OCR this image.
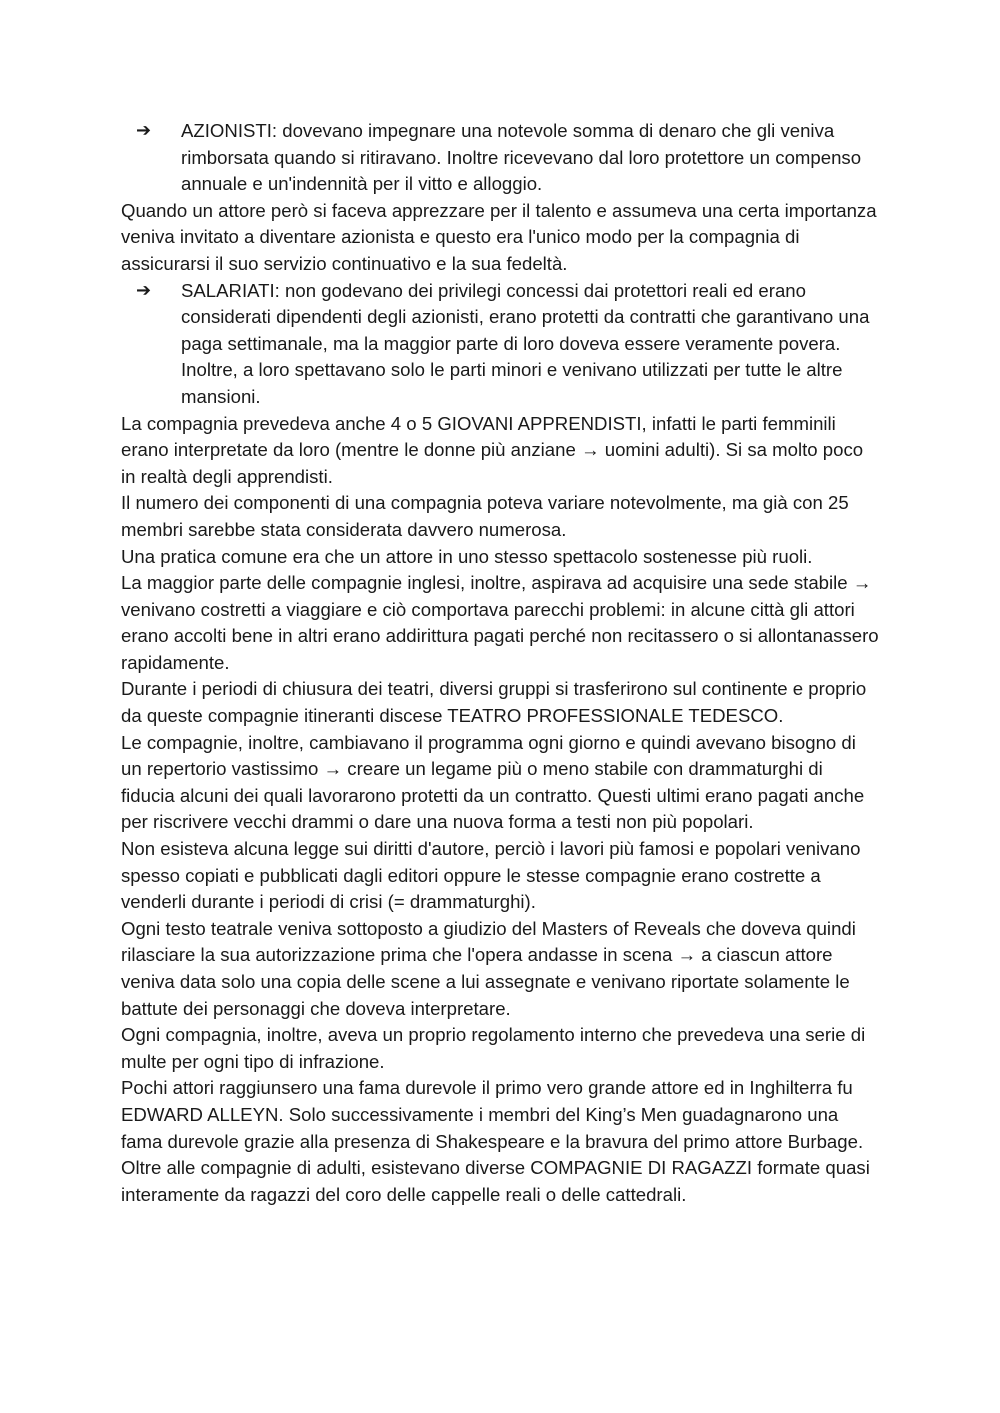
➔ AZIONISTI: dovevano impegnare una notevole somma di denaro che gli veniva rimborsata quando si ritiravano. Inoltre ricevevano dal loro protettore un compenso annuale e un'indennità per il vitto e alloggio.

Quando un attore però si faceva apprezzare per il talento e assumeva una certa importanza veniva invitato a diventare azionista e questo era l'unico modo per la compagnia di assicurarsi il suo servizio continuativo e la sua fedeltà.

➔ SALARIATI: non godevano dei privilegi concessi dai protettori reali ed erano considerati dipendenti degli azionisti, erano protetti da contratti che garantivano una paga settimanale, ma la maggior parte di loro doveva essere veramente povera. Inoltre, a loro spettavano solo le parti minori e venivano utilizzati per tutte le altre mansioni.

La compagnia prevedeva anche 4 o 5 GIOVANI APPRENDISTI, infatti le parti femminili erano interpretate da loro (mentre le donne più anziane → uomini adulti). Si sa molto poco in realtà degli apprendisti.

Il numero dei componenti di una compagnia poteva variare notevolmente, ma già con 25 membri sarebbe stata considerata davvero numerosa.

Una pratica comune era che un attore in uno stesso spettacolo sostenesse più ruoli.

La maggior parte delle compagnie inglesi, inoltre, aspirava ad acquisire una sede stabile → venivano costretti a viaggiare e ciò comportava parecchi problemi: in alcune città gli attori erano accolti bene in altri erano addirittura pagati perché non recitassero o si allontanassero rapidamente.

Durante i periodi di chiusura dei teatri, diversi gruppi si trasferirono sul continente e proprio da queste compagnie itineranti discese TEATRO PROFESSIONALE TEDESCO.

Le compagnie, inoltre, cambiavano il programma ogni giorno e quindi avevano bisogno di un repertorio vastissimo → creare un legame più o meno stabile con drammaturghi di fiducia alcuni dei quali lavorarono protetti da un contratto. Questi ultimi erano pagati anche per riscrivere vecchi drammi o dare una nuova forma a testi non più popolari.

Non esisteva alcuna legge sui diritti d'autore, perciò i lavori più famosi e popolari venivano spesso copiati e pubblicati dagli editori oppure le stesse compagnie erano costrette a venderli durante i periodi di crisi (= drammaturghi).

Ogni testo teatrale veniva sottoposto a giudizio del Masters of Reveals che doveva quindi rilasciare la sua autorizzazione prima che l'opera andasse in scena → a ciascun attore veniva data solo una copia delle scene a lui assegnate e venivano riportate solamente le battute dei personaggi che doveva interpretare.

Ogni compagnia, inoltre, aveva un proprio regolamento interno che prevedeva una serie di multe per ogni tipo di infrazione.

Pochi attori raggiunsero una fama durevole il primo vero grande attore ed in Inghilterra fu EDWARD ALLEYN. Solo successivamente i membri del King’s Men guadagnarono una fama durevole grazie alla presenza di Shakespeare e la bravura del primo attore Burbage.

Oltre alle compagnie di adulti, esistevano diverse COMPAGNIE DI RAGAZZI formate quasi interamente da ragazzi del coro delle cappelle reali o delle cattedrali.
